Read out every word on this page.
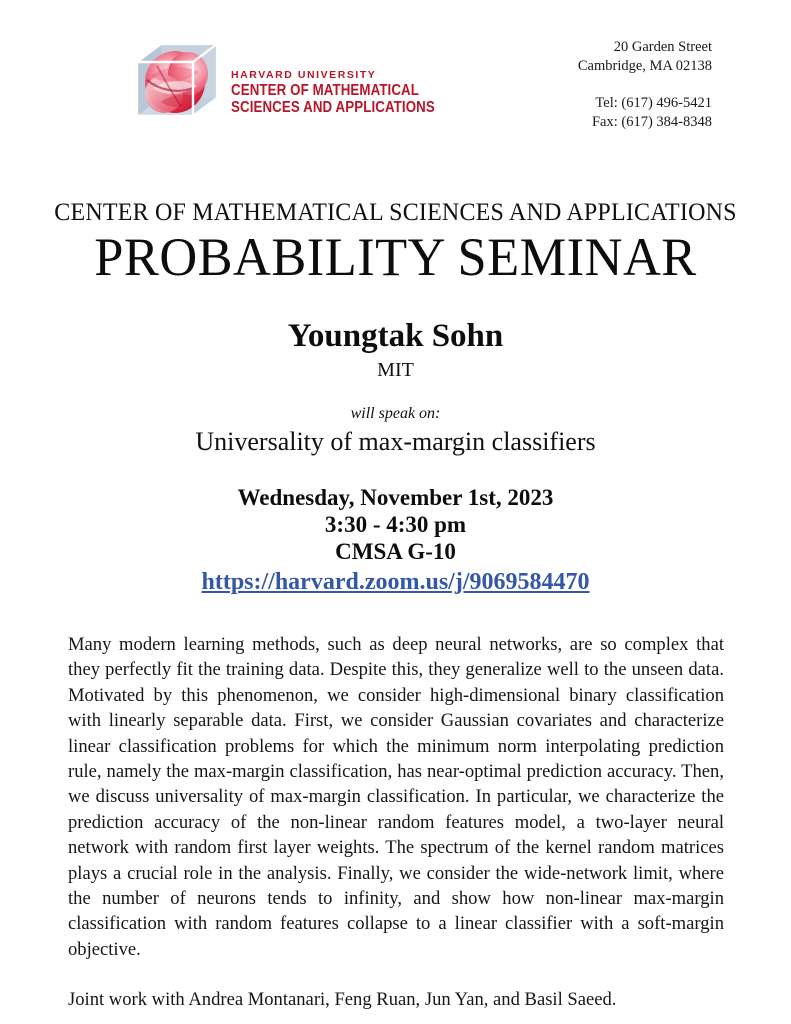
HARVARD UNIVERSITY
CENTER OF MATHEMATICAL
SCIENCES AND APPLICATIONS
20 Garden Street
Cambridge, MA 02138
Tel: (617) 496-5421
Fax: (617) 384-8348
CENTER OF MATHEMATICAL SCIENCES AND APPLICATIONS
PROBABILITY SEMINAR
Youngtak Sohn
MIT
will speak on:
Universality of max-margin classifiers
Wednesday, November 1st, 2023
3:30 - 4:30 pm
CMSA G-10
https://harvard.zoom.us/j/9069584470

Many modern learning methods, such as deep neural networks, are so complex that they perfectly fit the training data. Despite this, they generalize well to the unseen data. Motivated by this phenomenon, we consider high-dimensional binary classification with linearly separable data. First, we consider Gaussian covariates and characterize linear classification problems for which the minimum norm interpolating prediction rule, namely the max-margin classification, has near-optimal prediction accuracy. Then, we discuss universality of max-margin classification. In particular, we characterize the prediction accuracy of the non-linear random features model, a two-layer neural network with random first layer weights. The spectrum of the kernel random matrices plays a crucial role in the analysis. Finally, we consider the wide-network limit, where the number of neurons tends to infinity, and show how non-linear max-margin classification with random features collapse to a linear classifier with a soft-margin objective.

Joint work with Andrea Montanari, Feng Ruan, Jun Yan, and Basil Saeed.
